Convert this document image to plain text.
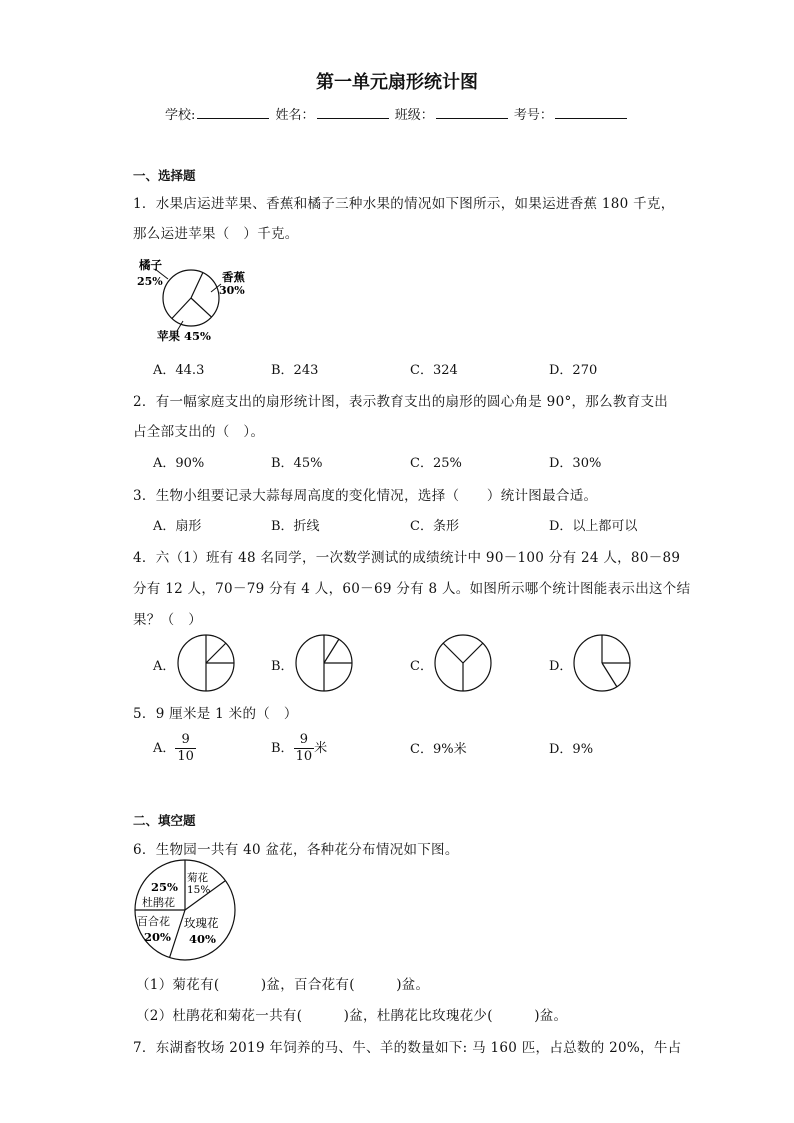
第一单元扇形统计图
学校:	姓名：	班级：	考号：
一、选择题
1．水果店运进苹果、香蕉和橘子三种水果的情况如下图所示，如果运进香蕉 180 千克，
那么运进苹果（　）千克。
橘子
25%	香蕉
30%
苹果 45%
A．44.3	B．243	C．324	D．270
2．有一幅家庭支出的扇形统计图，表示教育支出的扇形的圆心角是 90°，那么教育支出
占全部支出的（　）。
A．90%	B．45%	C．25%	D．30%
3．生物小组要记录大蒜每周高度的变化情况，选择（　　）统计图最合适。
A．扇形	B．折线	C．条形	D．以上都可以
4．六（1）班有 48 名同学，一次数学测试的成绩统计中 90－100 分有 24 人，80－89
分有 12 人，70－79 分有 4 人，60－69 分有 8 人。如图所示哪个统计图能表示出这个结
果？（　）
A．	B．	C．	D．
5．9 厘米是 1 米的（　）
A． $\frac{9}{10}$	B． $\frac{9}{10}$ 米	C．9%米	D．9%
二、填空题
6．生物园一共有 40 盆花，各种花分布情况如下图。
25%
杜鹃花
菊花
15%
百合花
20%
玫瑰花
40%
（1）菊花有(　　　)盆，百合花有(　　　)盆。
（2）杜鹃花和菊花一共有(　　　)盆，杜鹃花比玫瑰花少(　　　)盆。
7．东湖畜牧场 2019 年饲养的马、牛、羊的数量如下: 马 160 匹，占总数的 20%，牛占
